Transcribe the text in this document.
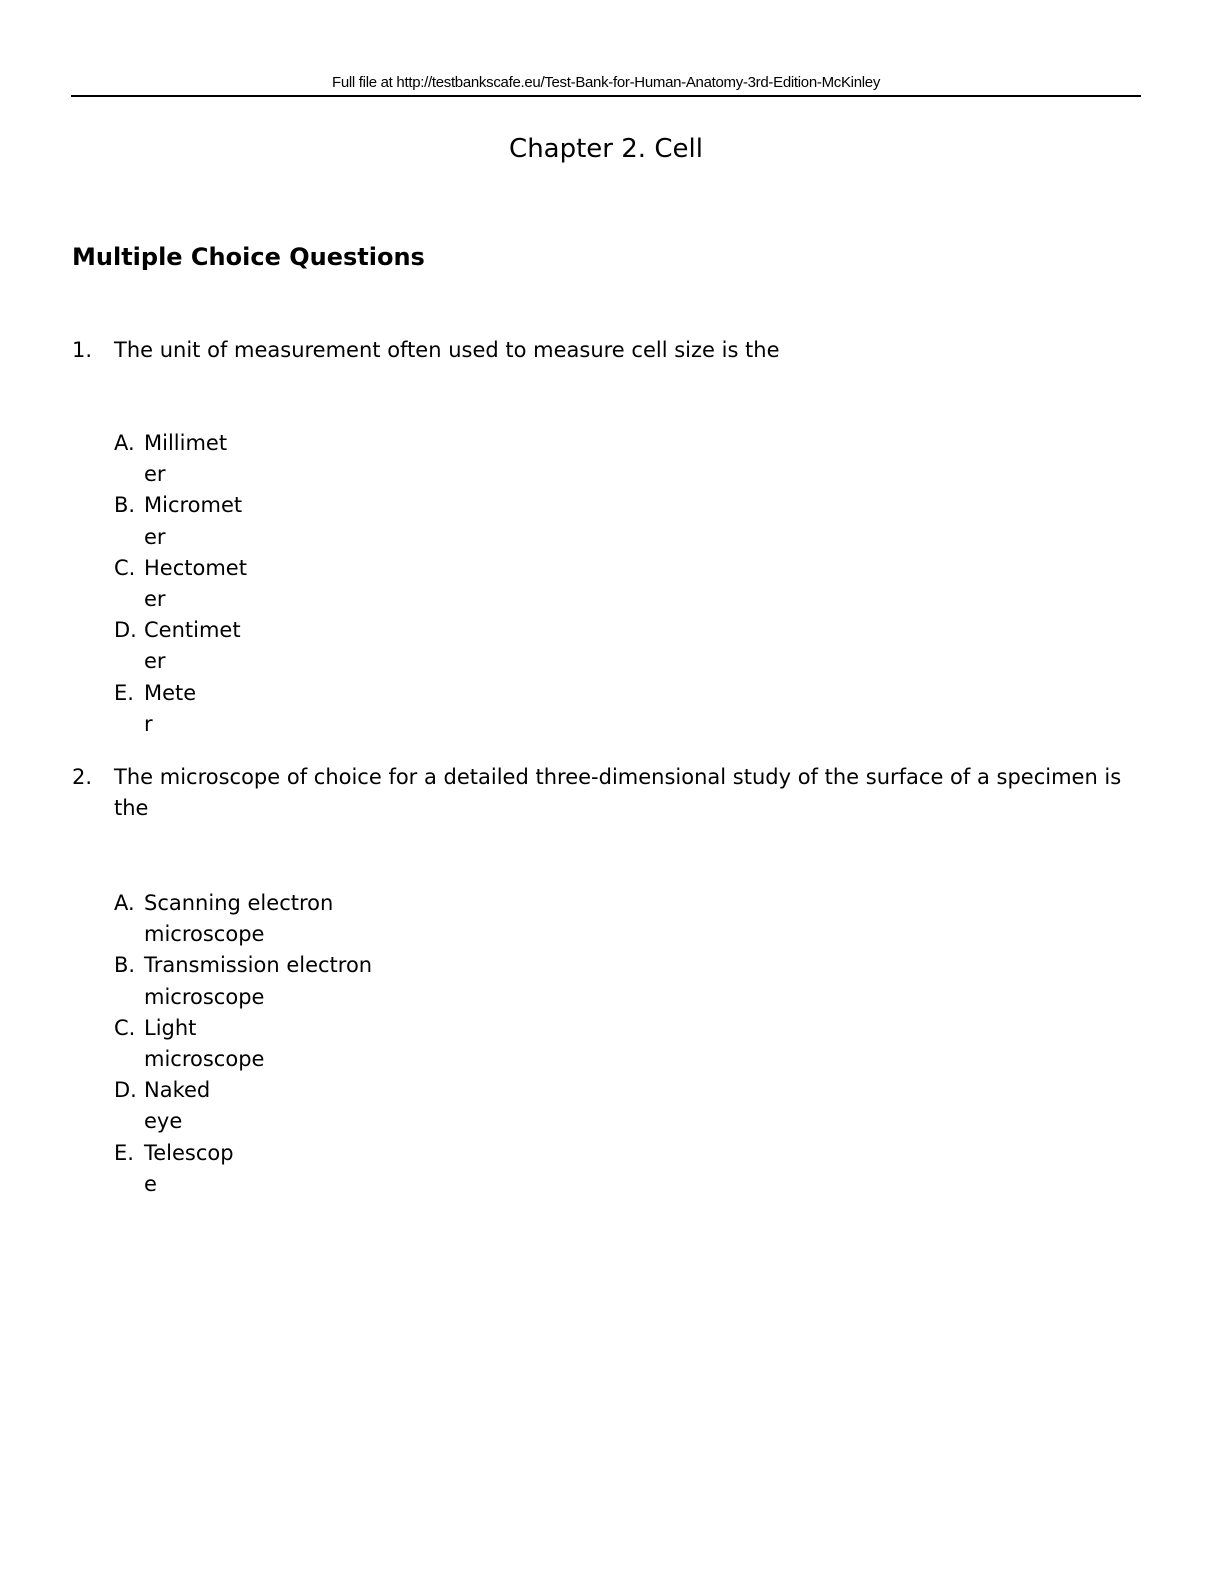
Full file at http://testbankscafe.eu/Test-Bank-for-Human-Anatomy-3rd-Edition-McKinley
Chapter 2. Cell
Multiple Choice Questions
1. The unit of measurement often used to measure cell size is the
A. Millimet
er
B. Micromet
er
C. Hectomet
er
D. Centimet
er
E. Mete
r
2. The microscope of choice for a detailed three-dimensional study of the surface of a specimen is the
A. Scanning electron
microscope
B. Transmission electron
microscope
C. Light
microscope
D. Naked
eye
E. Telescop
e
